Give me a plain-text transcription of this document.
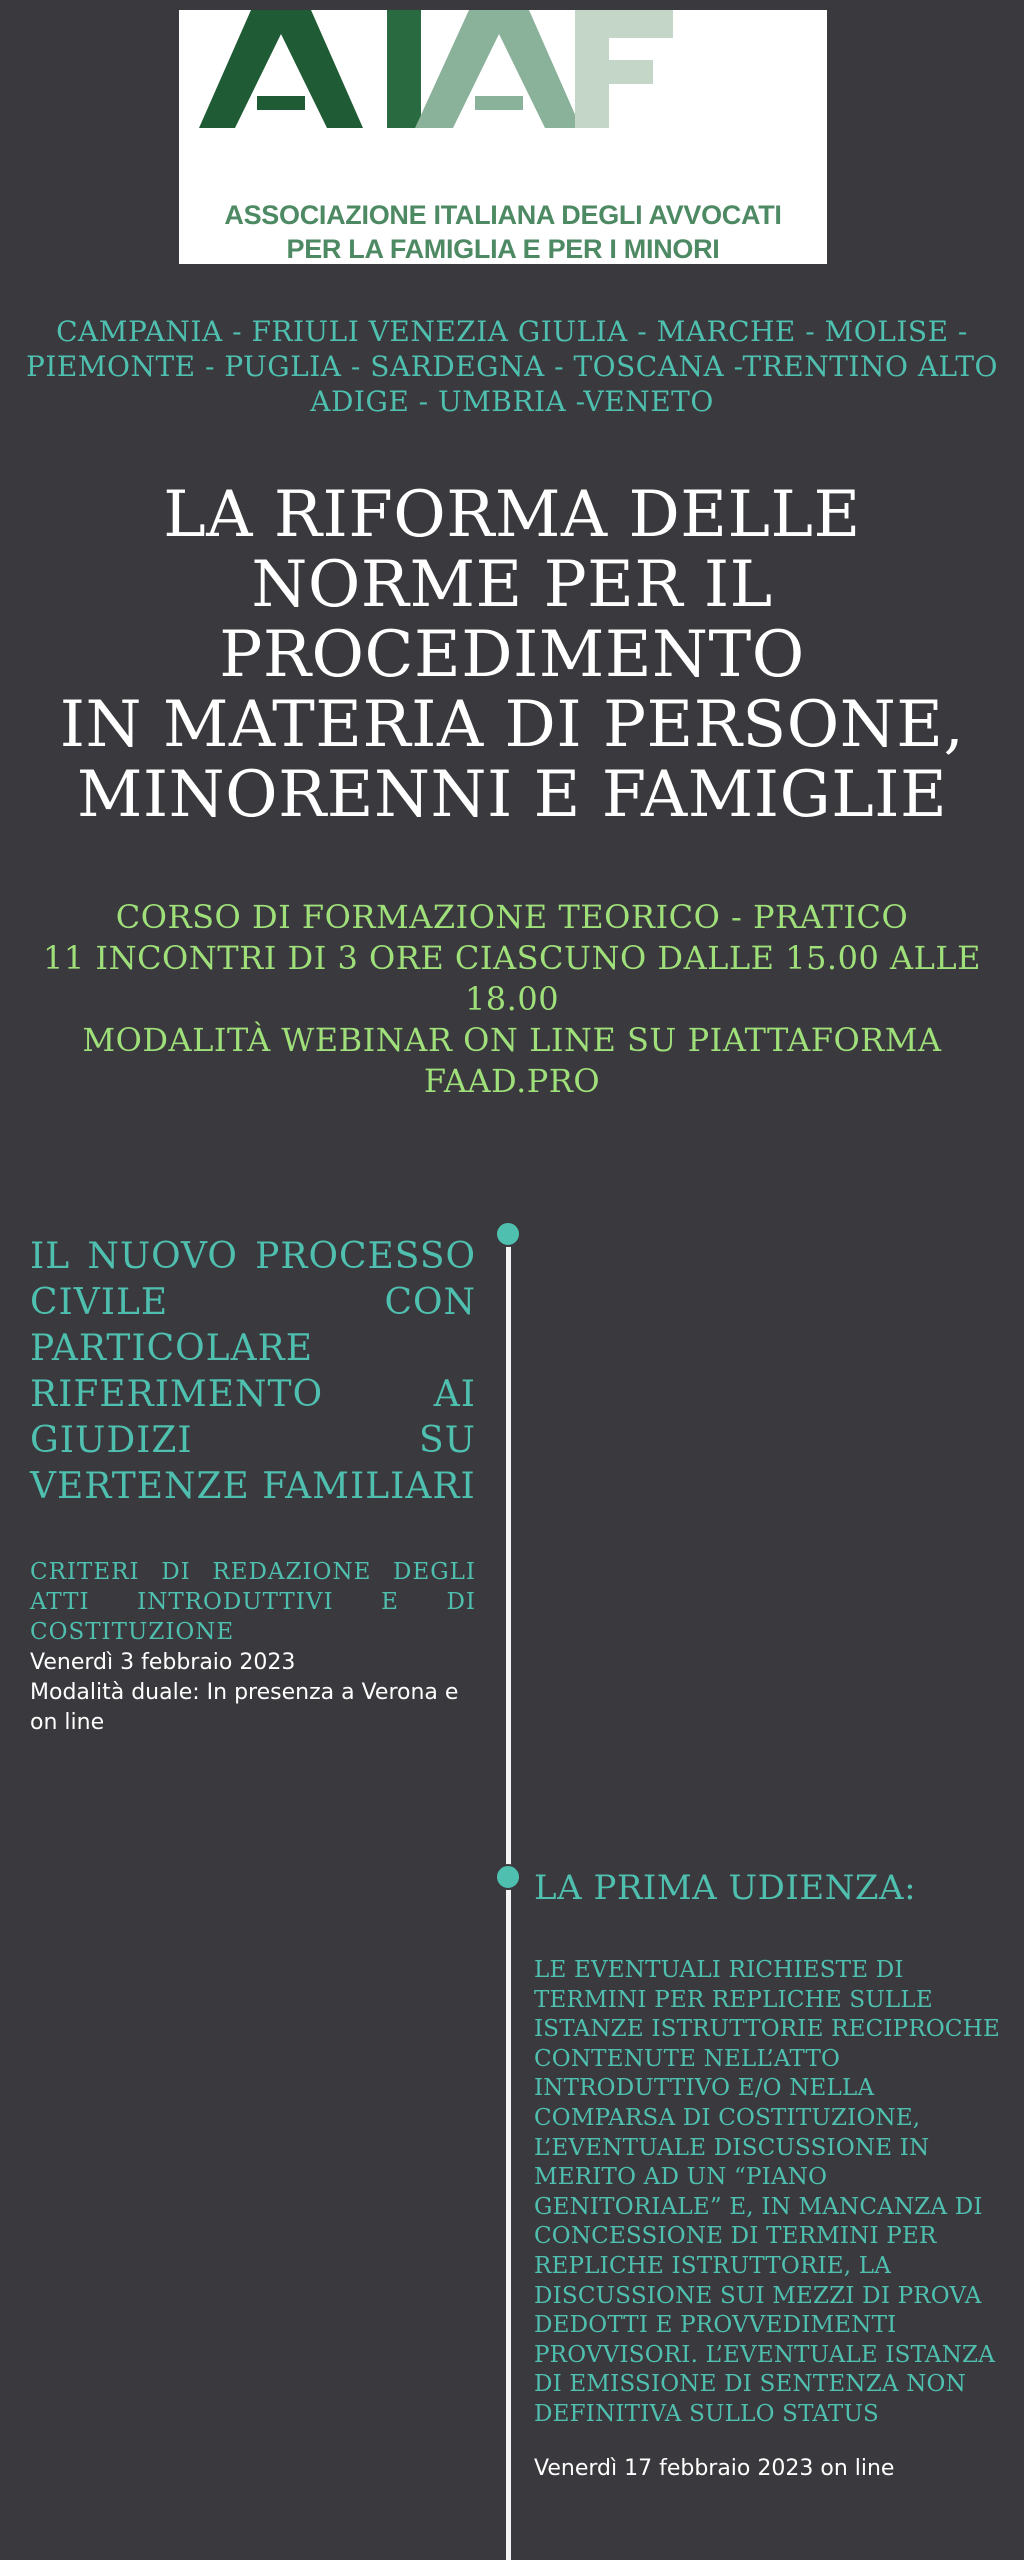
ASSOCIAZIONE ITALIANA DEGLI AVVOCATI
PER LA FAMIGLIA E PER I MINORI
CAMPANIA - FRIULI VENEZIA GIULIA - MARCHE - MOLISE - PIEMONTE - PUGLIA - SARDEGNA - TOSCANA -TRENTINO ALTO ADIGE - UMBRIA -VENETO
LA RIFORMA DELLE
NORME PER IL
PROCEDIMENTO
IN MATERIA DI PERSONE,
MINORENNI E FAMIGLIE
CORSO DI FORMAZIONE TEORICO - PRATICO
11 INCONTRI DI 3 ORE CIASCUNO DALLE 15.00 ALLE 18.00
MODALITÀ WEBINAR ON LINE SU PIATTAFORMA FAAD.PRO
IL NUOVO PROCESSO CIVILE CON PARTICOLARE RIFERIMENTO AI GIUDIZI SU VERTENZE FAMILIARI
CRITERI DI REDAZIONE DEGLI ATTI INTRODUTTIVI E DI COSTITUZIONE
Venerdì 3 febbraio 2023
Modalità duale: In presenza a Verona e on line
LA PRIMA UDIENZA:
LE EVENTUALI RICHIESTE DI TERMINI PER REPLICHE SULLE ISTANZE ISTRUTTORIE RECIPROCHE CONTENUTE NELL’ATTO INTRODUTTIVO E/O NELLA COMPARSA DI COSTITUZIONE, L’EVENTUALE DISCUSSIONE IN MERITO AD UN “PIANO GENITORIALE” E, IN MANCANZA DI CONCESSIONE DI TERMINI PER REPLICHE ISTRUTTORIE, LA DISCUSSIONE SUI MEZZI DI PROVA DEDOTTI E PROVVEDIMENTI PROVVISORI. L’EVENTUALE ISTANZA DI EMISSIONE DI SENTENZA NON DEFINITIVA SULLO STATUS
Venerdì 17 febbraio 2023 on line
